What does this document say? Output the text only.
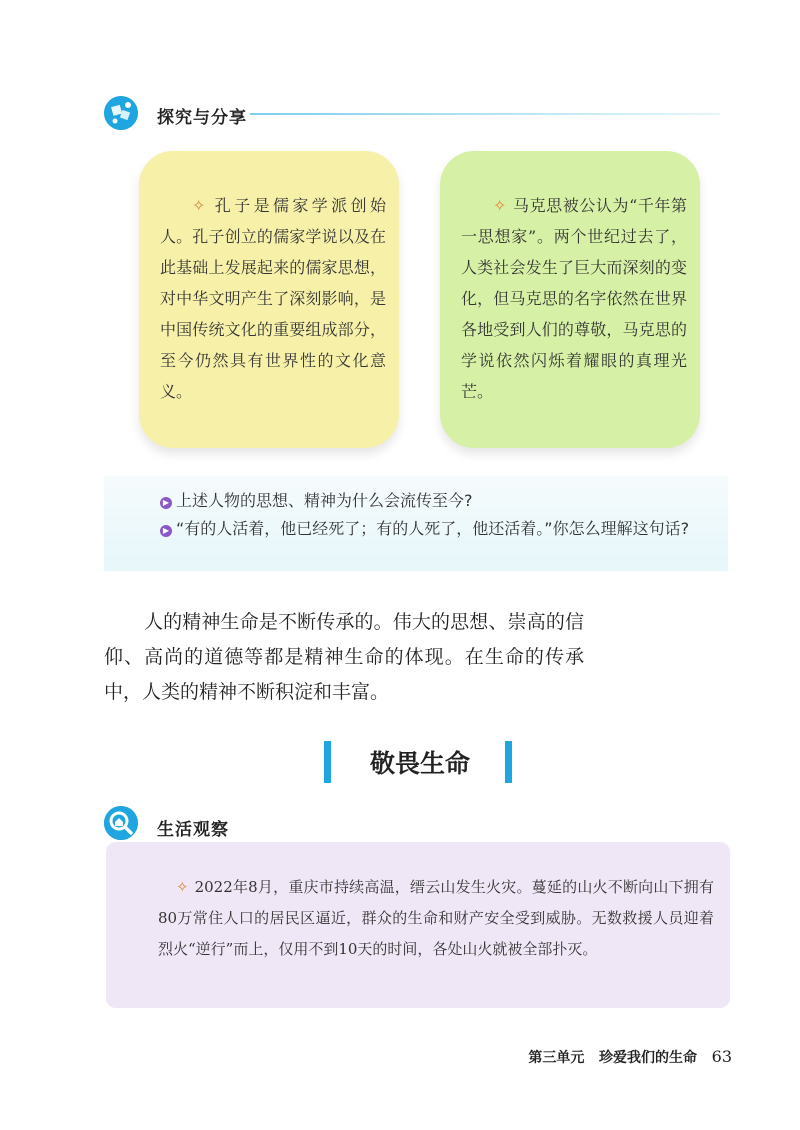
探究与分享
✧ 孔子是儒家学派创始人。孔子创立的儒家学说以及在此基础上发展起来的儒家思想，对中华文明产生了深刻影响，是中国传统文化的重要组成部分，至今仍然具有世界性的文化意义。
✧ 马克思被公认为“千年第一思想家”。两个世纪过去了，人类社会发生了巨大而深刻的变化，但马克思的名字依然在世界各地受到人们的尊敬，马克思的学说依然闪烁着耀眼的真理光芒。
▶ 上述人物的思想、精神为什么会流传至今?
▶ “有的人活着，他已经死了；有的人死了，他还活着。”你怎么理解这句话?
人的精神生命是不断传承的。伟大的思想、崇高的信仰、高尚的道德等都是精神生命的体现。在生命的传承中，人类的精神不断积淀和丰富。
敬畏生命
生活观察
✧ 2022年8月，重庆市持续高温，缙云山发生火灾。蔓延的山火不断向山下拥有80万常住人口的居民区逼近，群众的生命和财产安全受到威胁。无数救援人员迎着烈火“逆行”而上，仅用不到10天的时间，各处山火就被全部扑灭。
第三单元 珍爱我们的生命 63
